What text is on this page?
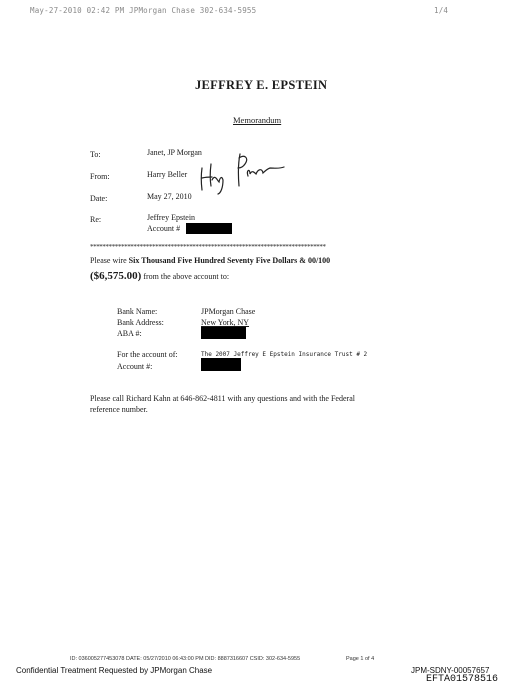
May-27-2010 02:42 PM JPMorgan Chase 302-634-5955	1/4
JEFFREY E. EPSTEIN
Memorandum
To:	Janet, JP Morgan
From:	Harry Beller
Date:	May 27, 2010
Re:	Jeffrey Epstein
Account #
****************************************************************************
Please wire Six Thousand Five Hundred Seventy Five Dollars & 00/100
($6,575.00) from the above account to:
Bank Name:	JPMorgan Chase
Bank Address:	New York, NY
ABA #:
For the account of:	The 2007 Jeffrey E Epstein Insurance Trust # 2
Account #:
Please call Richard Kahn at 646-862-4811 with any questions and with the Federal
reference number.
ID: 036005277453078 DATE: 05/27/2010 06:43:00 PM DID: 8887316607 CSID: 302-634-5955	Page 1 of 4
Confidential Treatment Requested by JPMorgan Chase	JPM-SDNY-00057657
EFTA01578516
